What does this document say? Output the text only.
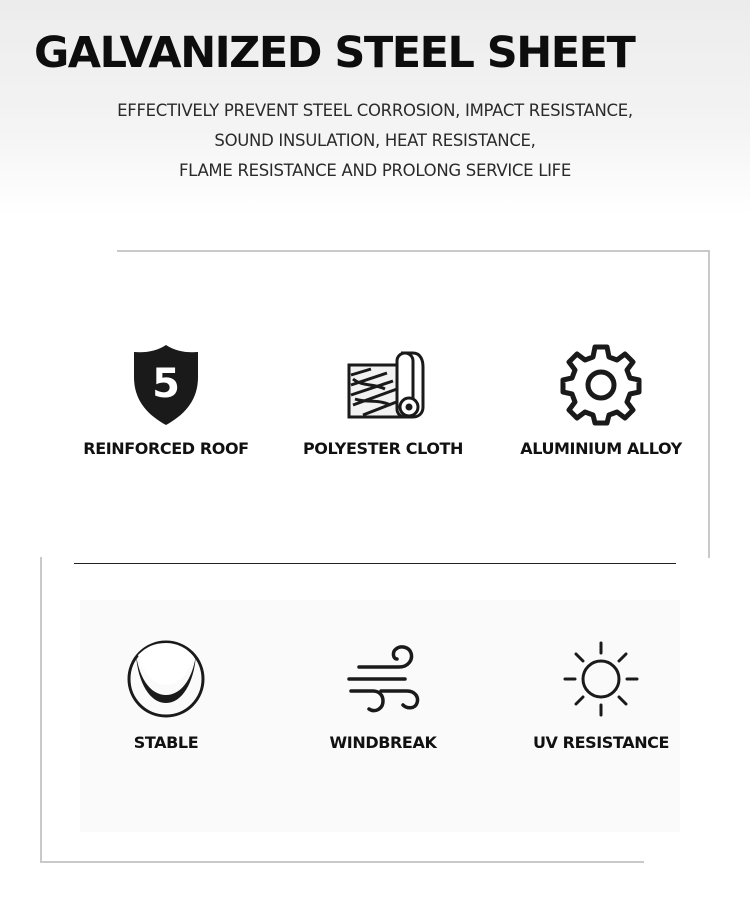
GALVANIZED STEEL SHEET
EFFECTIVELY PREVENT STEEL CORROSION, IMPACT RESISTANCE,
SOUND INSULATION, HEAT RESISTANCE,
FLAME RESISTANCE AND PROLONG SERVICE LIFE
5
REINFORCED ROOF	POLYESTER CLOTH	ALUMINIUM ALLOY
STABLE	WINDBREAK	UV RESISTANCE
